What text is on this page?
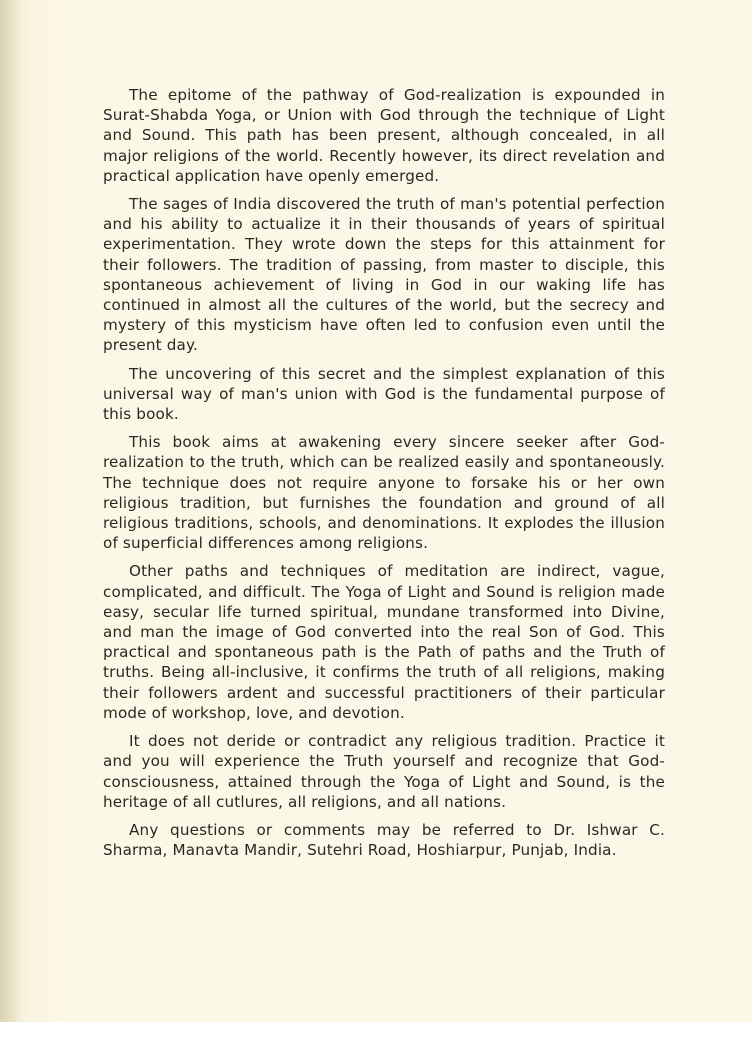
The epitome of the pathway of God-realization is expounded in Surat-Shabda Yoga, or Union with God through the technique of Light and Sound. This path has been present, although concealed, in all major religions of the world. Recently however, its direct revelation and practical application have openly emerged.

The sages of India discovered the truth of man's potential perfection and his ability to actualize it in their thousands of years of spiritual experimentation. They wrote down the steps for this attainment for their followers. The tradition of passing, from master to disciple, this spontaneous achievement of living in God in our waking life has continued in almost all the cultures of the world, but the secrecy and mystery of this mysticism have often led to confusion even until the present day.

The uncovering of this secret and the simplest explanation of this universal way of man's union with God is the fundamental purpose of this book.

This book aims at awakening every sincere seeker after God-realization to the truth, which can be realized easily and spontaneously. The technique does not require anyone to forsake his or her own religious tradition, but furnishes the foundation and ground of all religious traditions, schools, and denominations. It explodes the illusion of superficial differences among religions.

Other paths and techniques of meditation are indirect, vague, complicated, and difficult. The Yoga of Light and Sound is religion made easy, secular life turned spiritual, mundane transformed into Divine, and man the image of God converted into the real Son of God. This practical and spontaneous path is the Path of paths and the Truth of truths. Being all-inclusive, it confirms the truth of all religions, making their followers ardent and successful practitioners of their particular mode of workshop, love, and devotion.

It does not deride or contradict any religious tradition. Practice it and you will experience the Truth yourself and recognize that God-consciousness, attained through the Yoga of Light and Sound, is the heritage of all cutlures, all religions, and all nations.

Any questions or comments may be referred to Dr. Ishwar C. Sharma, Manavta Mandir, Sutehri Road, Hoshiarpur, Punjab, India.
